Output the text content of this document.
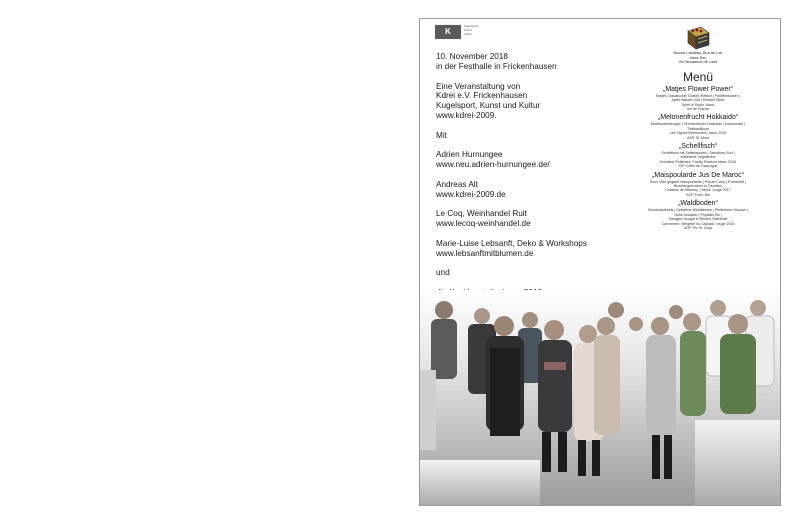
K
Kugelsport
Kunst
Kultur

10. November 2018
in der Festhalle in Frickenhausen

Eine Veranstaltung von
Kdrei e.V. Frickenhausen
Kugelsport, Kunst und Kultur
www.kdrei-2009.

Mit

Adrien Hurnungee
www.neu.adrien-hurnungee.de/

Andreas Alt
www.kdrei-2009.de

Le Coq, Weinhandel Ruit
www.lecoq-weinhandel.de

Marie-Luise Lebsanft, Deko & Workshops
www.lebsanftmitblumen.de

und

Bouvet Ladubay, Brut de Loir
blanc Sec
Vin Mousseux de Loire
Menü
„Matjes Flower Power“
Matjes | Asiatischer Gurken Rettich | Pointfenkraser |
Apfel Wasabi Sud | Einbere Blüte
Spirit of Sushi, blanc
Vin de France
„Melonenfrucht Hokkaido“
Kürbiscremesuppe | Fenmentierter Hokkaido | Kokosmilch |
Thaibasilikum
Les Vignes Retrouvées, blanc 2015
AOP St. Mont
„Schellfisch“
Schellfisch mit Selleriepüree | Sanddorn-Sud |
Marinierte Vegetienne
Domaine Pellehaut, Family Reserve blanc 2016
IGP Côtes de Gascogne
„Maispoularde Jus De Maroc“
Sous Vide gegarte Maispoularde | Purple Curry | Rotmehlöl |
Blutorangencreme in Facetten
Château de Marmoy „Tréma“ rouge 2017
AOP Turel, Bio
„Waldboden“
Schokoladeneis | Gefallene Waldbeeren | Pfefferbeer Mousse |
Süße Avocado | Physalis Eis |
Salziges Nougat in Rösten-Steinkraft
Carmenère, Bergerie du Capucin, rouge 2015
AOP Pic St. Loup
